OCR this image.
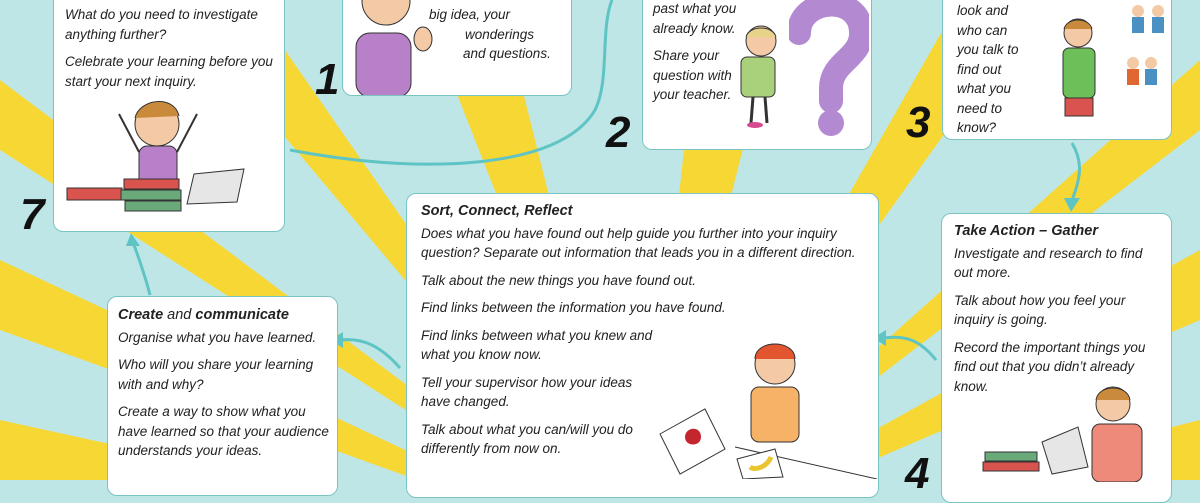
What do you need to investigate anything further?

Celebrate your learning before you start your next inquiry.

7
big idea, your
wonderings
and questions.
1
past what you already know.
Share your question with your teacher.
2
look and who can you talk to find out what you need to know?
3
Take Action – Gather

Investigate and research to find out more.

Talk about how you feel your inquiry is going.

Record the important things you find out that you didn’t already know.

4
Sort, Connect, Reflect

Does what you have found out help guide you further into your inquiry question? Separate out information that leads you in a different direction.

Talk about the new things you have found out.

Find links between the information you have found.

Find links between what you knew and what you know now.

Tell your supervisor how your ideas have changed.

Talk about what you can/will you do differently from now on.

Create and communicate

Organise what you have learned.

Who will you share your learning with and why?

Create a way to show what you have learned so that your audience understands your ideas.
